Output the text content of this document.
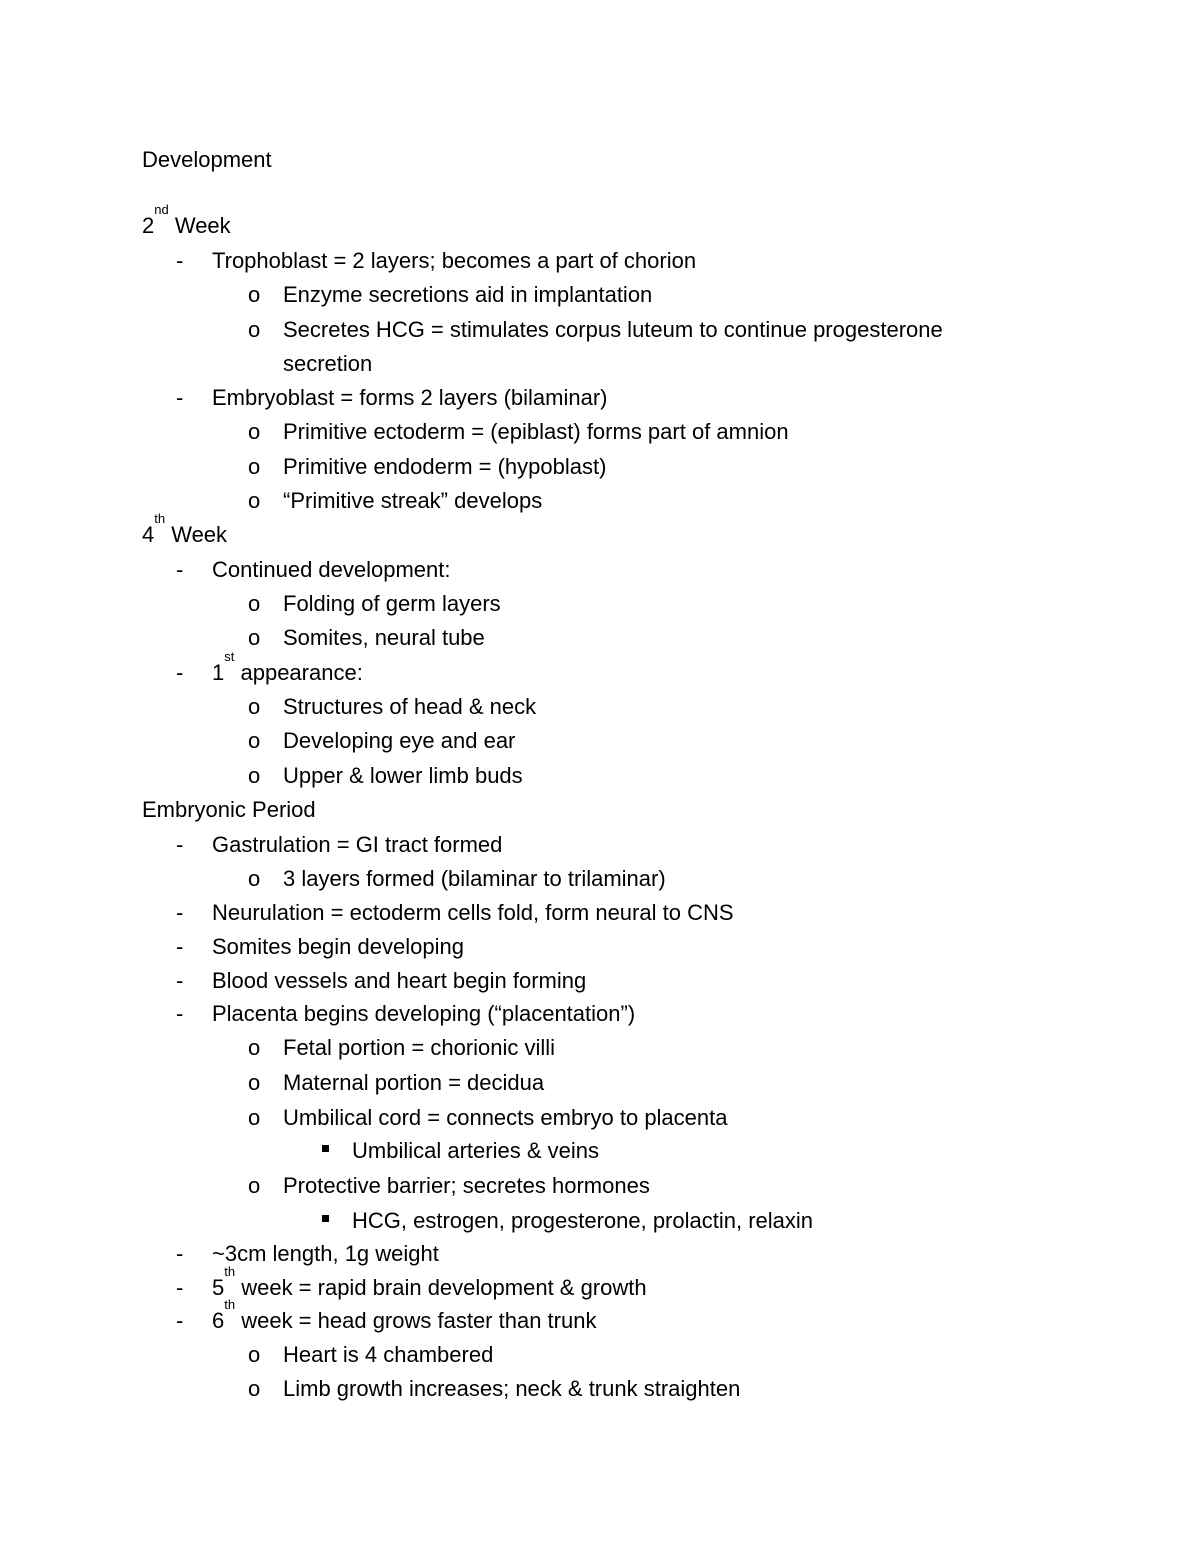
Development
2nd Week
- Trophoblast = 2 layers; becomes a part of chorion
o Enzyme secretions aid in implantation
o Secretes HCG = stimulates corpus luteum to continue progesterone
secretion
- Embryoblast = forms 2 layers (bilaminar)
o Primitive ectoderm = (epiblast) forms part of amnion
o Primitive endoderm = (hypoblast)
o “Primitive streak” develops
4th Week
- Continued development:
o Folding of germ layers
o Somites, neural tube
- 1st appearance:
o Structures of head & neck
o Developing eye and ear
o Upper & lower limb buds
Embryonic Period
- Gastrulation = GI tract formed
o 3 layers formed (bilaminar to trilaminar)
- Neurulation = ectoderm cells fold, form neural to CNS
- Somites begin developing
- Blood vessels and heart begin forming
- Placenta begins developing (“placentation”)
o Fetal portion = chorionic villi
o Maternal portion = decidua
o Umbilical cord = connects embryo to placenta
Umbilical arteries & veins
o Protective barrier; secretes hormones
HCG, estrogen, progesterone, prolactin, relaxin
- ~3cm length, 1g weight
- 5th week = rapid brain development & growth
- 6th week = head grows faster than trunk
o Heart is 4 chambered
o Limb growth increases; neck & trunk straighten
